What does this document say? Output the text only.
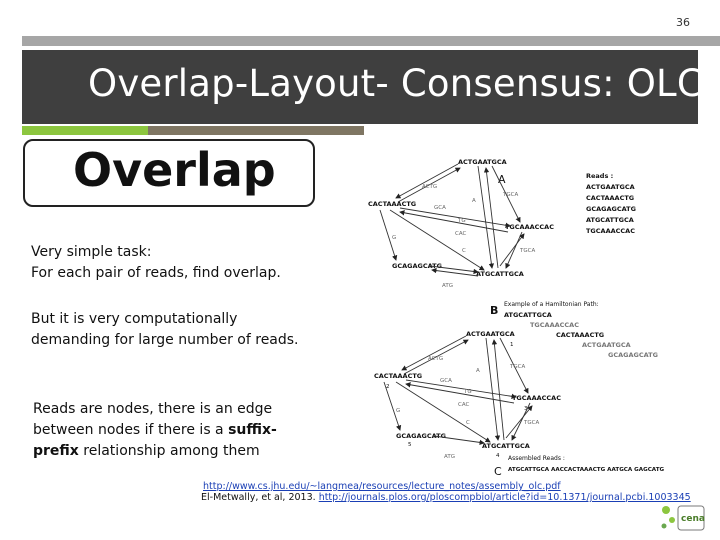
36
Overlap-Layout- Consensus: OLC
Overlap
Very simple task:
For each pair of reads, find overlap.
But it is very computationally
demanding for large number of reads.
Reads are nodes, there is an edge
between nodes if there is a suffix-
prefix relationship among them
A
ACTGAATGCA
CACTAAACTG
TGCAAACCAC
ATGCATTGCA
GCAGAGCATG
ACTG
TGCA
GCA
TG
CAC
G
A
C	TGCA
ATG
Reads :
ACTGAATGCA
CACTAAACTG
GCAGAGCATG
ATGCATTGCA
TGCAAACCAC
B Example of a Hamiltonian Path:
ATGCATTGCA
TGCAAACCAC
CACTAAACTG
ACTGAATGCA
GCAGAGCATG
C
ACTGAATGCA
CACTAAACTG
TGCAAACCAC
ATGCATTGCA
GCAGAGCATG
1
2
3
4
5
ACTG
TGCA
GCA
TG
CAC
G
A
C	TGCA
ATG	Assembled Reads :
ATGCATTGCA AACCACTAAACTG AATGCA GAGCATG
http://www.cs.jhu.edu/~langmea/resources/lecture_notes/assembly_olc.pdf
El-Metwally, et al, 2013. http://journals.plos.org/ploscompbiol/article?id=10.1371/journal.pcbi.1003345
cena
